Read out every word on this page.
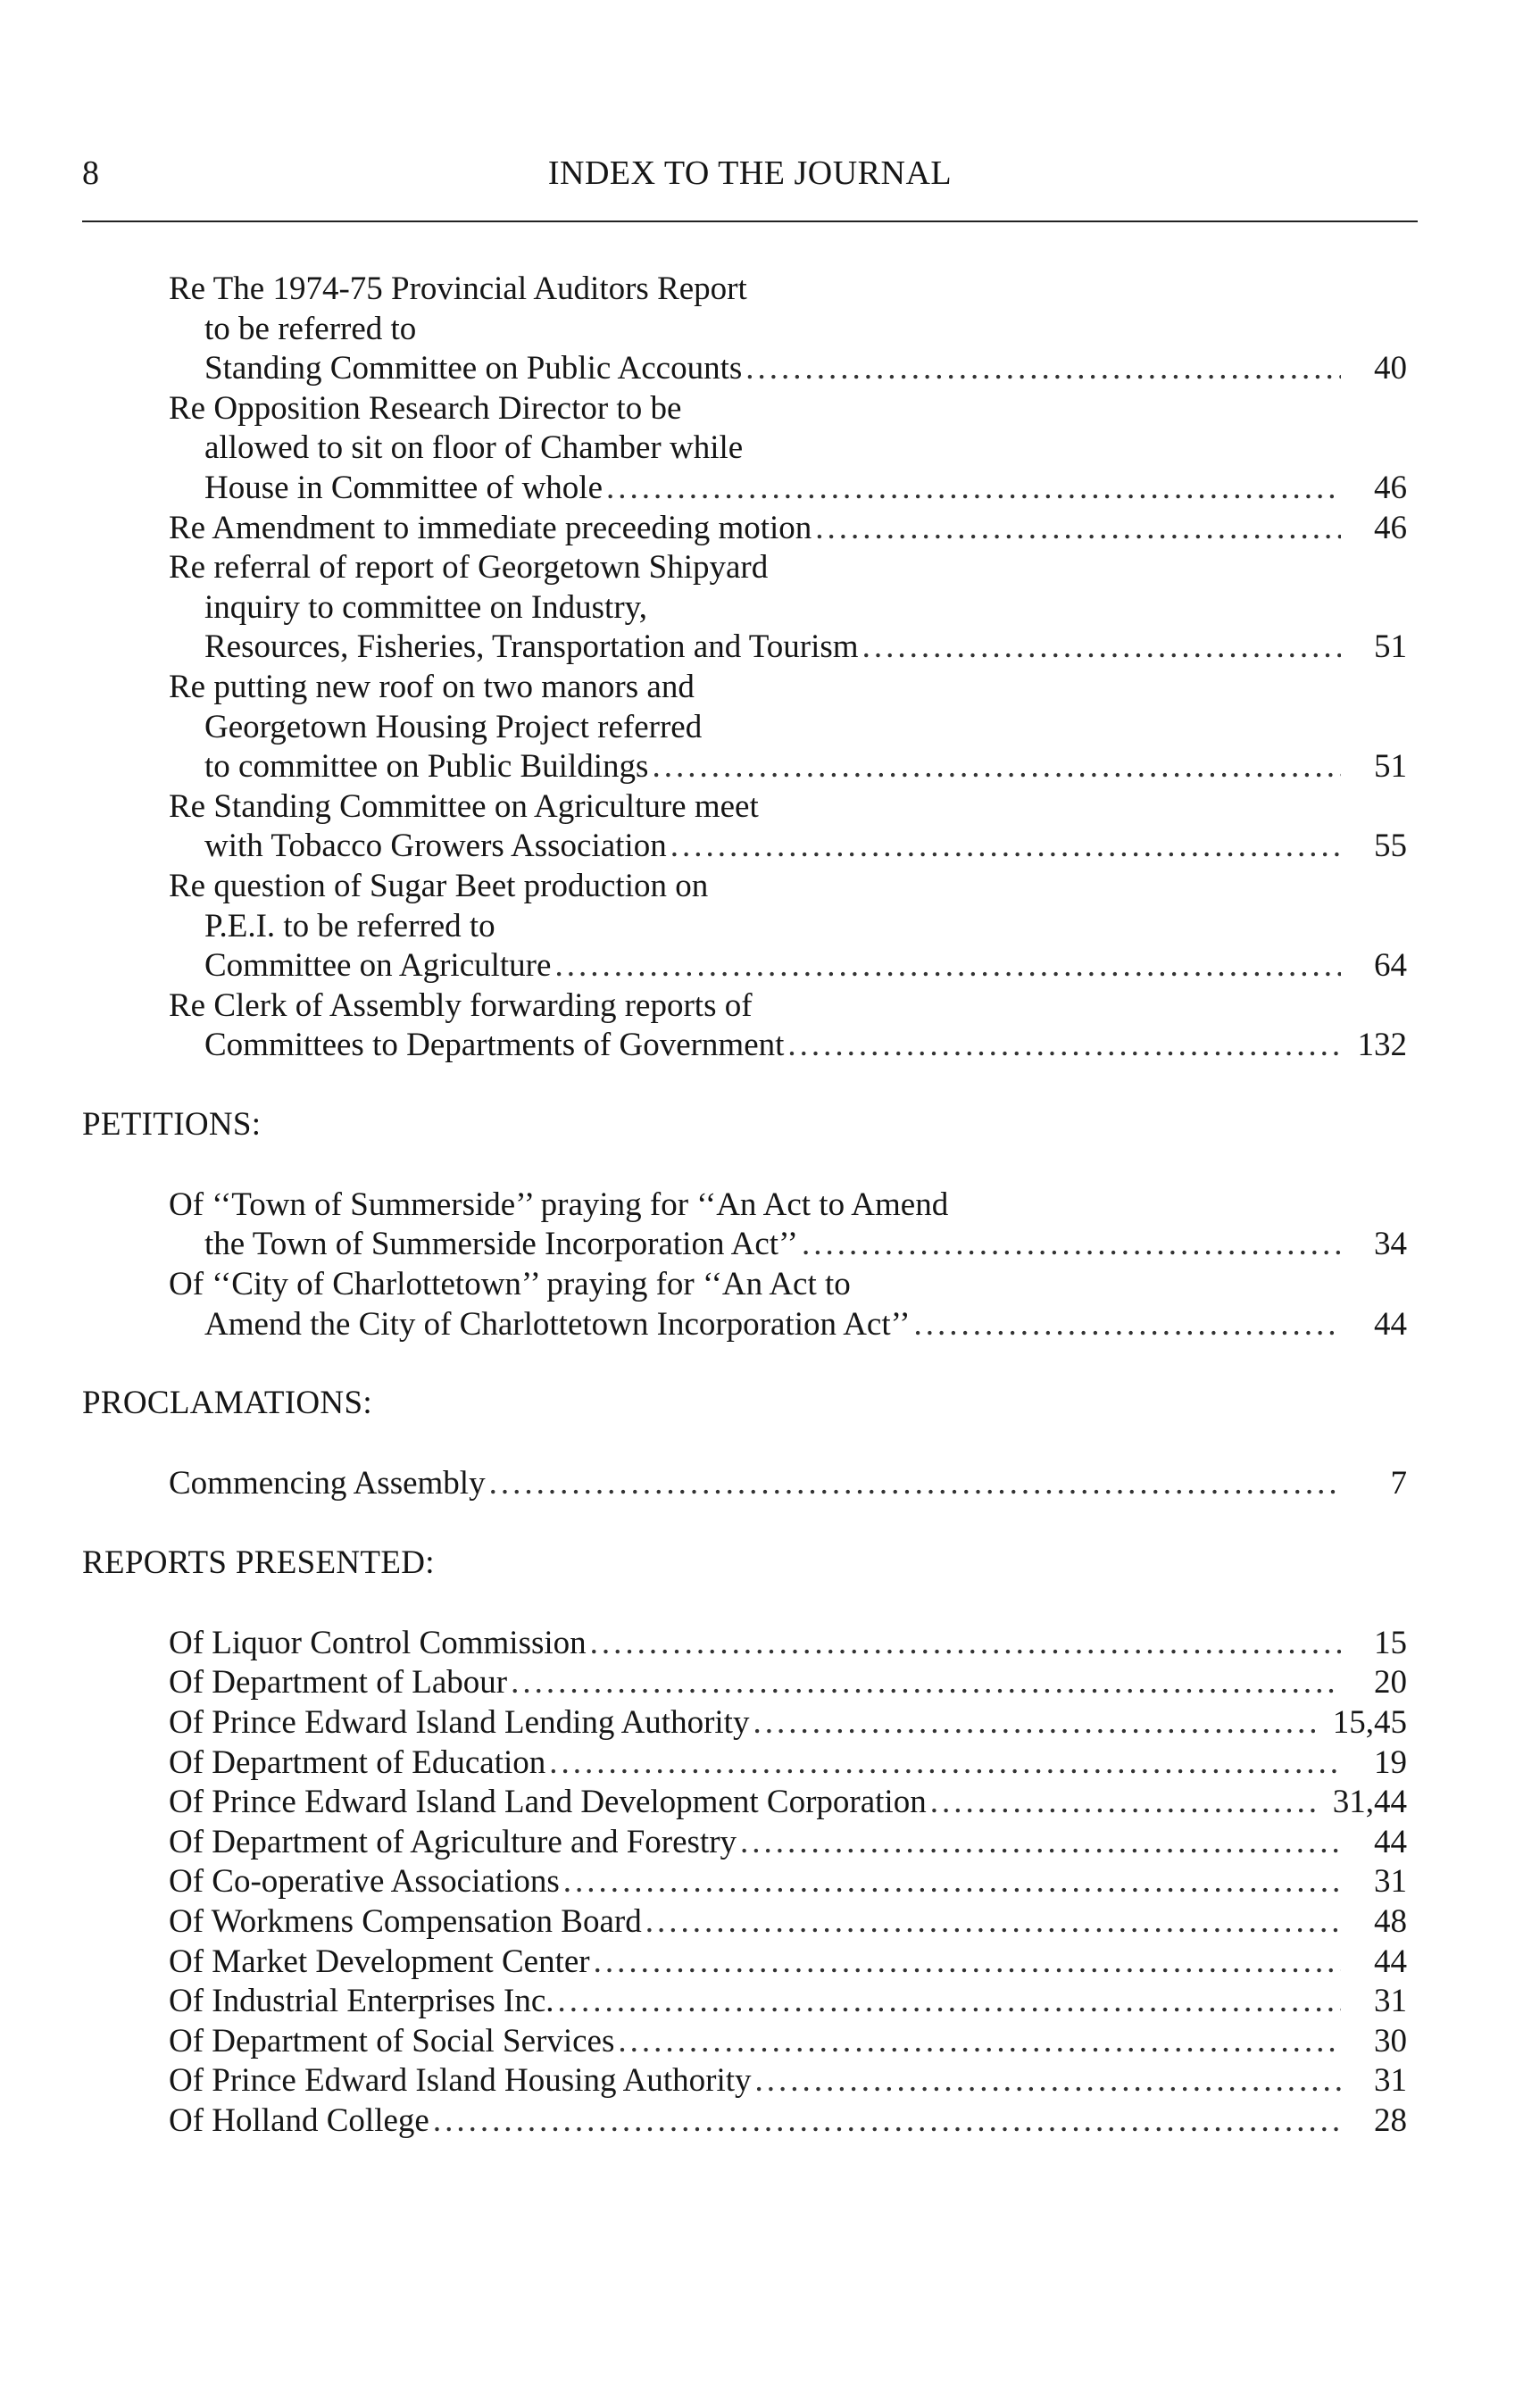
8	INDEX TO THE JOURNAL
Re The 1974-75 Provincial Auditors Report
to be referred to
Standing Committee on Public Accounts .....	40
Re Opposition Research Director to be
allowed to sit on floor of Chamber while
House in Committee of whole .....	46
Re Amendment to immediate preceeding motion .....	46
Re referral of report of Georgetown Shipyard
inquiry to committee on Industry,
Resources, Fisheries, Transportation and Tourism .....	51
Re putting new roof on two manors and
Georgetown Housing Project referred
to committee on Public Buildings .....	51
Re Standing Committee on Agriculture meet
with Tobacco Growers Association .....	55
Re question of Sugar Beet production on
P.E.I. to be referred to
Committee on Agriculture .....	64
Re Clerk of Assembly forwarding reports of
Committees to Departments of Government .....	132
PETITIONS:
Of ‘‘Town of Summerside’’ praying for ‘‘An Act to Amend
the Town of Summerside Incorporation Act’’ .....	34
Of ‘‘City of Charlottetown’’ praying for ‘‘An Act to
Amend the City of Charlottetown Incorporation Act’’ .....	44
PROCLAMATIONS:
Commencing Assembly .....	7
REPORTS PRESENTED:
Of Liquor Control Commission .....	15
Of Department of Labour .....	20
Of Prince Edward Island Lending Authority .....	15,45
Of Department of Education .....	19
Of Prince Edward Island Land Development Corporation .....	31,44
Of Department of Agriculture and Forestry .....	44
Of Co-operative Associations .....	31
Of Workmens Compensation Board .....	48
Of Market Development Center .....	44
Of Industrial Enterprises Inc. .....	31
Of Department of Social Services .....	30
Of Prince Edward Island Housing Authority .....	31
Of Holland College .....	28
